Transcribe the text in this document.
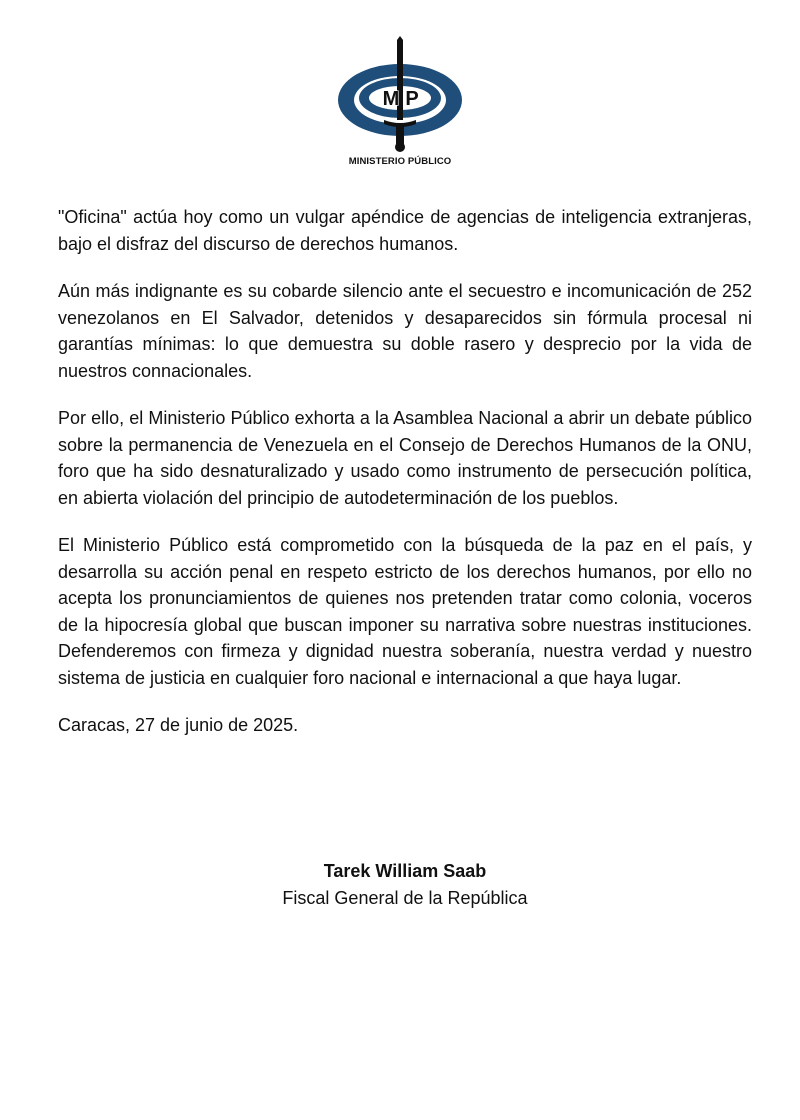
M P
MINISTERIO PÚBLICO

"Oficina" actúa hoy como un vulgar apéndice de agencias de inteligencia extranjeras, bajo el disfraz del discurso de derechos humanos.

Aún más indignante es su cobarde silencio ante el secuestro e incomunicación de 252 venezolanos en El Salvador, detenidos y desaparecidos sin fórmula procesal ni garantías mínimas: lo que demuestra su doble rasero y desprecio por la vida de nuestros connacionales.

Por ello, el Ministerio Público exhorta a la Asamblea Nacional a abrir un debate público sobre la permanencia de Venezuela en el Consejo de Derechos Humanos de la ONU, foro que ha sido desnaturalizado y usado como instrumento de persecución política, en abierta violación del principio de autodeterminación de los pueblos.

El Ministerio Público está comprometido con la búsqueda de la paz en el país, y desarrolla su acción penal en respeto estricto de los derechos humanos, por ello no acepta los pronunciamientos de quienes nos pretenden tratar como colonia, voceros de la hipocresía global que buscan imponer su narrativa sobre nuestras instituciones. Defenderemos con firmeza y dignidad nuestra soberanía, nuestra verdad y nuestro sistema de justicia en cualquier foro nacional e internacional a que haya lugar.

Caracas, 27 de junio de 2025.

Tarek William Saab
Fiscal General de la República
